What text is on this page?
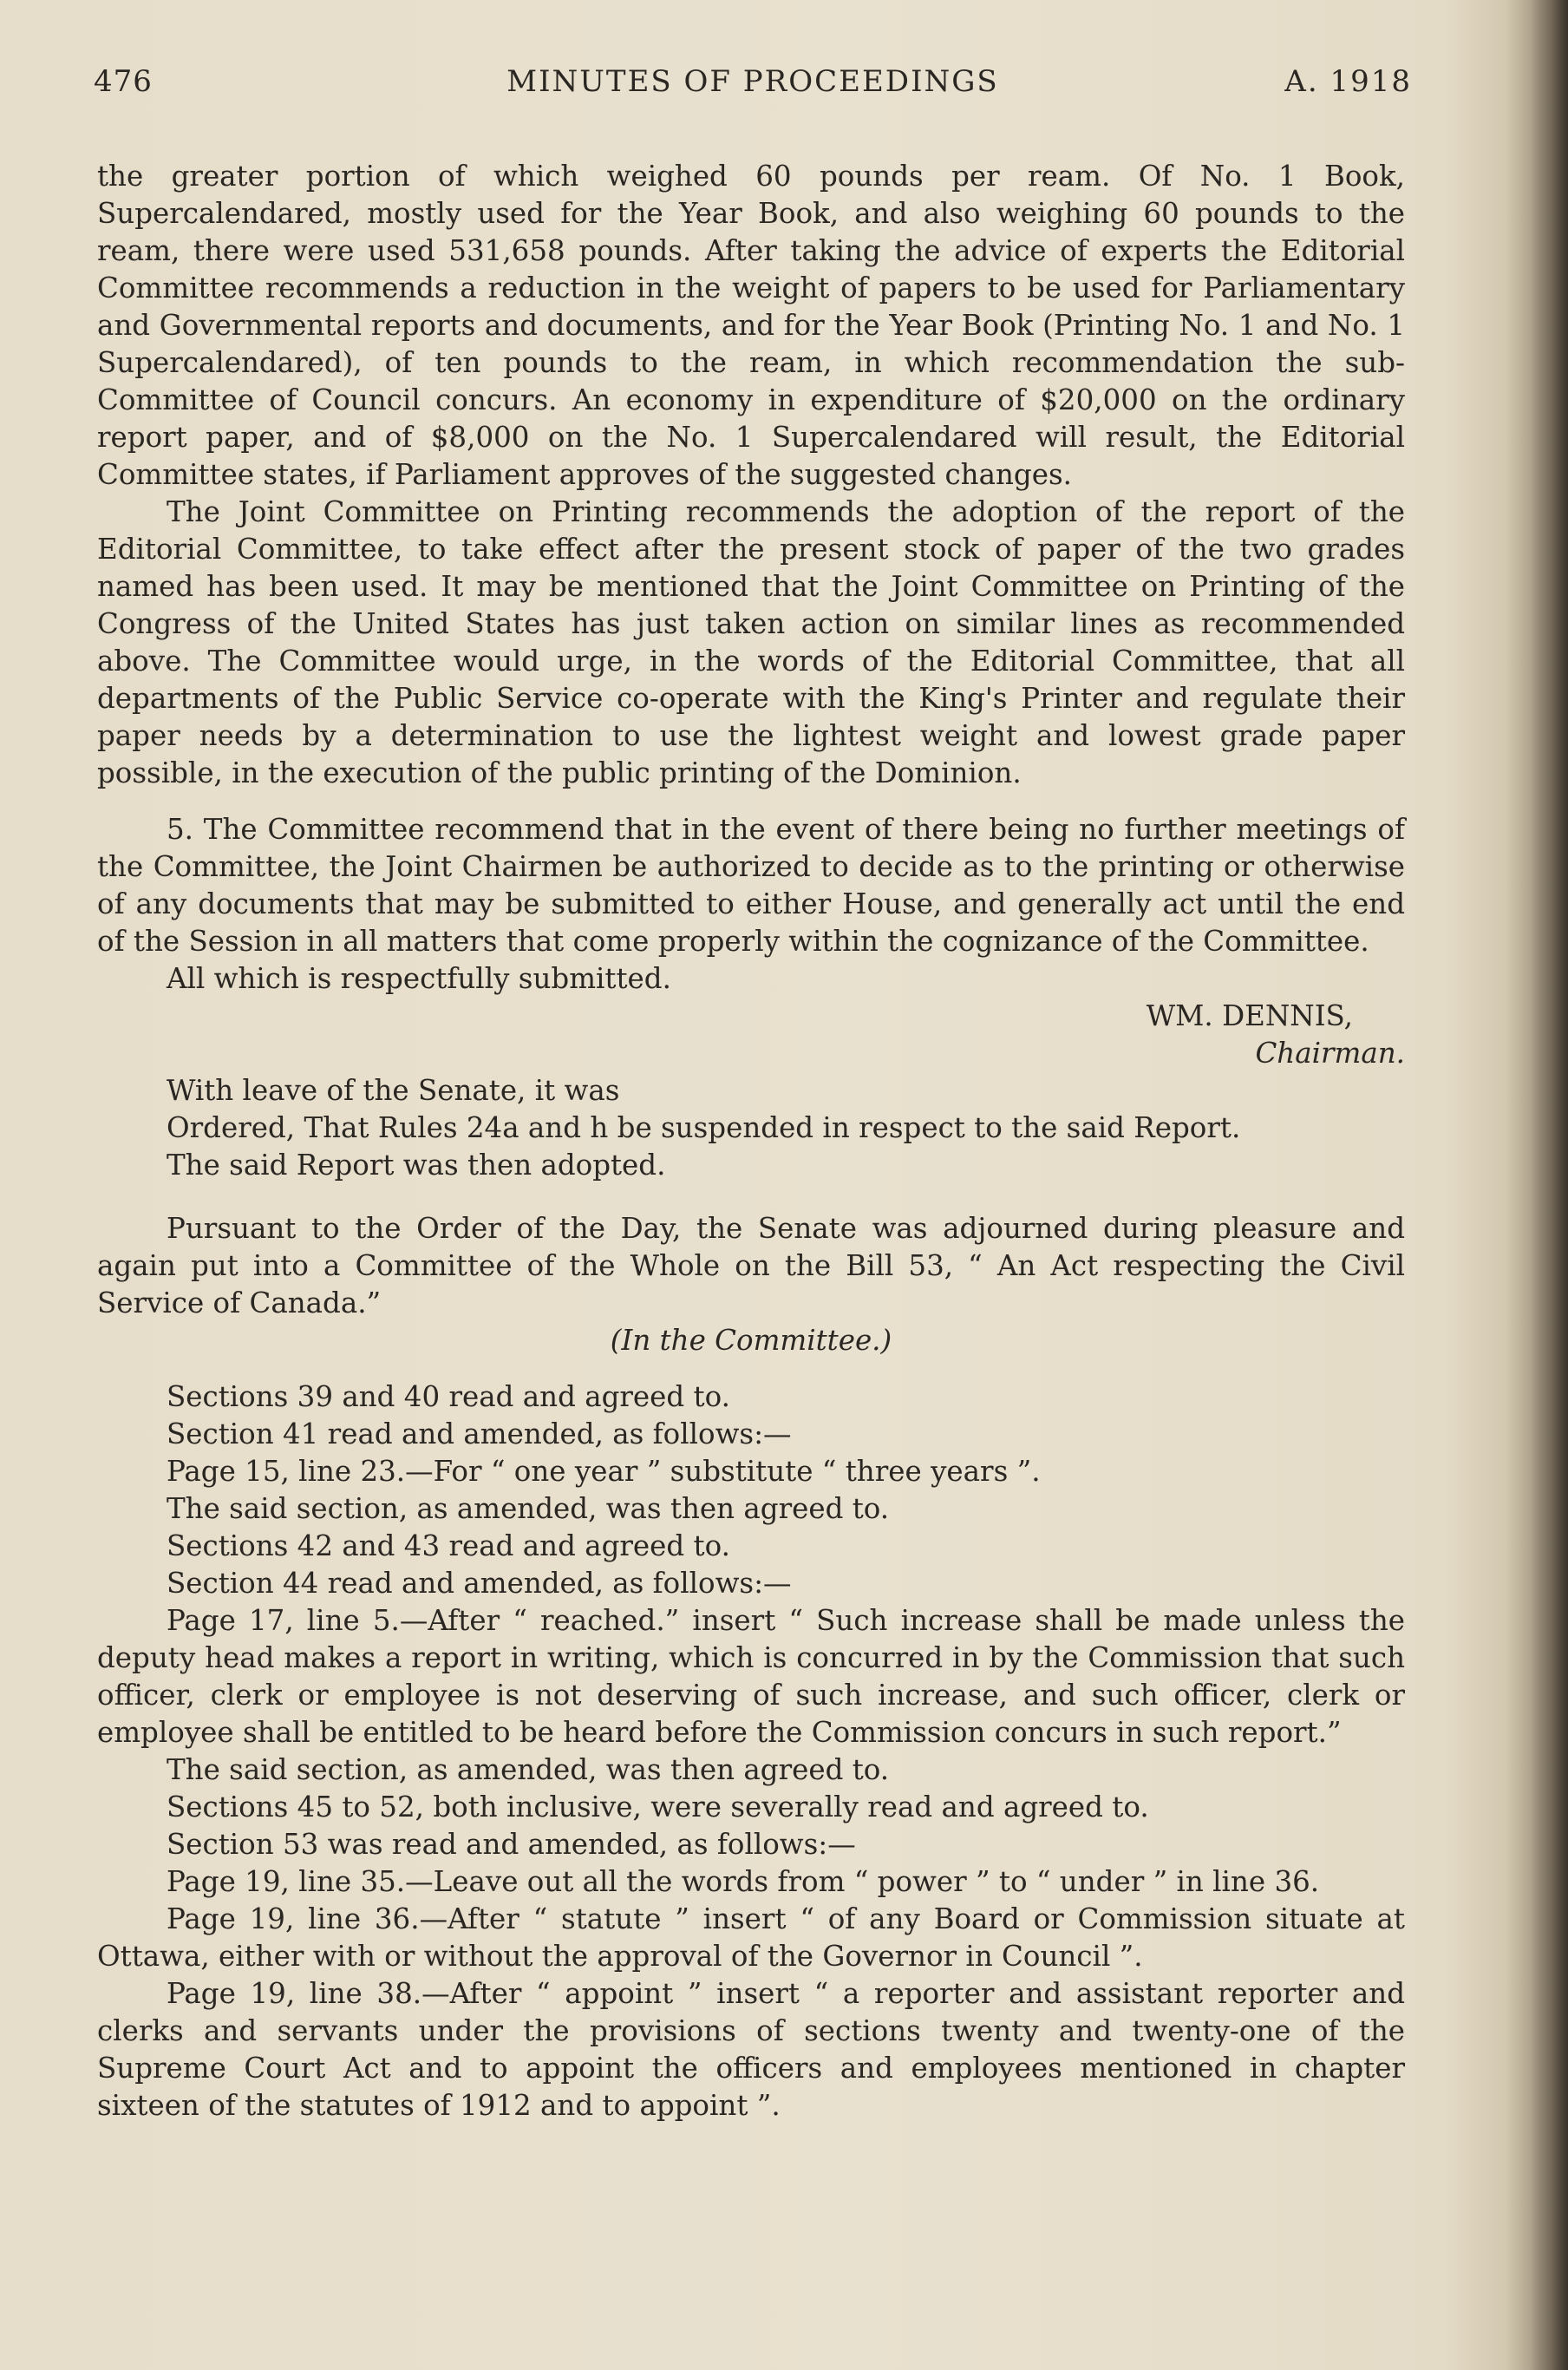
476	MINUTES OF PROCEEDINGS	A. 1918

the greater portion of which weighed 60 pounds per ream. Of No. 1 Book, Supercalendared, mostly used for the Year Book, and also weighing 60 pounds to the ream, there were used 531,658 pounds. After taking the advice of experts the Editorial Committee recommends a reduction in the weight of papers to be used for Parliamentary and Governmental reports and documents, and for the Year Book (Printing No. 1 and No. 1 Supercalendared), of ten pounds to the ream, in which recommendation the sub-Committee of Council concurs. An economy in expenditure of $20,000 on the ordinary report paper, and of $8,000 on the No. 1 Supercalendared will result, the Editorial Committee states, if Parliament approves of the suggested changes.

The Joint Committee on Printing recommends the adoption of the report of the Editorial Committee, to take effect after the present stock of paper of the two grades named has been used. It may be mentioned that the Joint Committee on Printing of the Congress of the United States has just taken action on similar lines as recommended above. The Committee would urge, in the words of the Editorial Committee, that all departments of the Public Service co-operate with the King's Printer and regulate their paper needs by a determination to use the lightest weight and lowest grade paper possible, in the execution of the public printing of the Dominion.

5. The Committee recommend that in the event of there being no further meetings of the Committee, the Joint Chairmen be authorized to decide as to the printing or otherwise of any documents that may be submitted to either House, and generally act until the end of the Session in all matters that come properly within the cognizance of the Committee.

All which is respectfully submitted.

WM. DENNIS,

Chairman.

With leave of the Senate, it was

Ordered, That Rules 24a and h be suspended in respect to the said Report.

The said Report was then adopted.

Pursuant to the Order of the Day, the Senate was adjourned during pleasure and again put into a Committee of the Whole on the Bill 53, “ An Act respecting the Civil Service of Canada.”

(In the Committee.)

Sections 39 and 40 read and agreed to.

Section 41 read and amended, as follows:—

Page 15, line 23.—For “ one year ” substitute “ three years ”.

The said section, as amended, was then agreed to.

Sections 42 and 43 read and agreed to.

Section 44 read and amended, as follows:—

Page 17, line 5.—After “ reached.” insert “ Such increase shall be made unless the deputy head makes a report in writing, which is concurred in by the Commission that such officer, clerk or employee is not deserving of such increase, and such officer, clerk or employee shall be entitled to be heard before the Commission concurs in such report.”

The said section, as amended, was then agreed to.

Sections 45 to 52, both inclusive, were severally read and agreed to.

Section 53 was read and amended, as follows:—

Page 19, line 35.—Leave out all the words from “ power ” to “ under ” in line 36.

Page 19, line 36.—After “ statute ” insert “ of any Board or Commission situate at Ottawa, either with or without the approval of the Governor in Council ”.

Page 19, line 38.—After “ appoint ” insert “ a reporter and assistant reporter and clerks and servants under the provisions of sections twenty and twenty-one of the Supreme Court Act and to appoint the officers and employees mentioned in chapter sixteen of the statutes of 1912 and to appoint ”.
